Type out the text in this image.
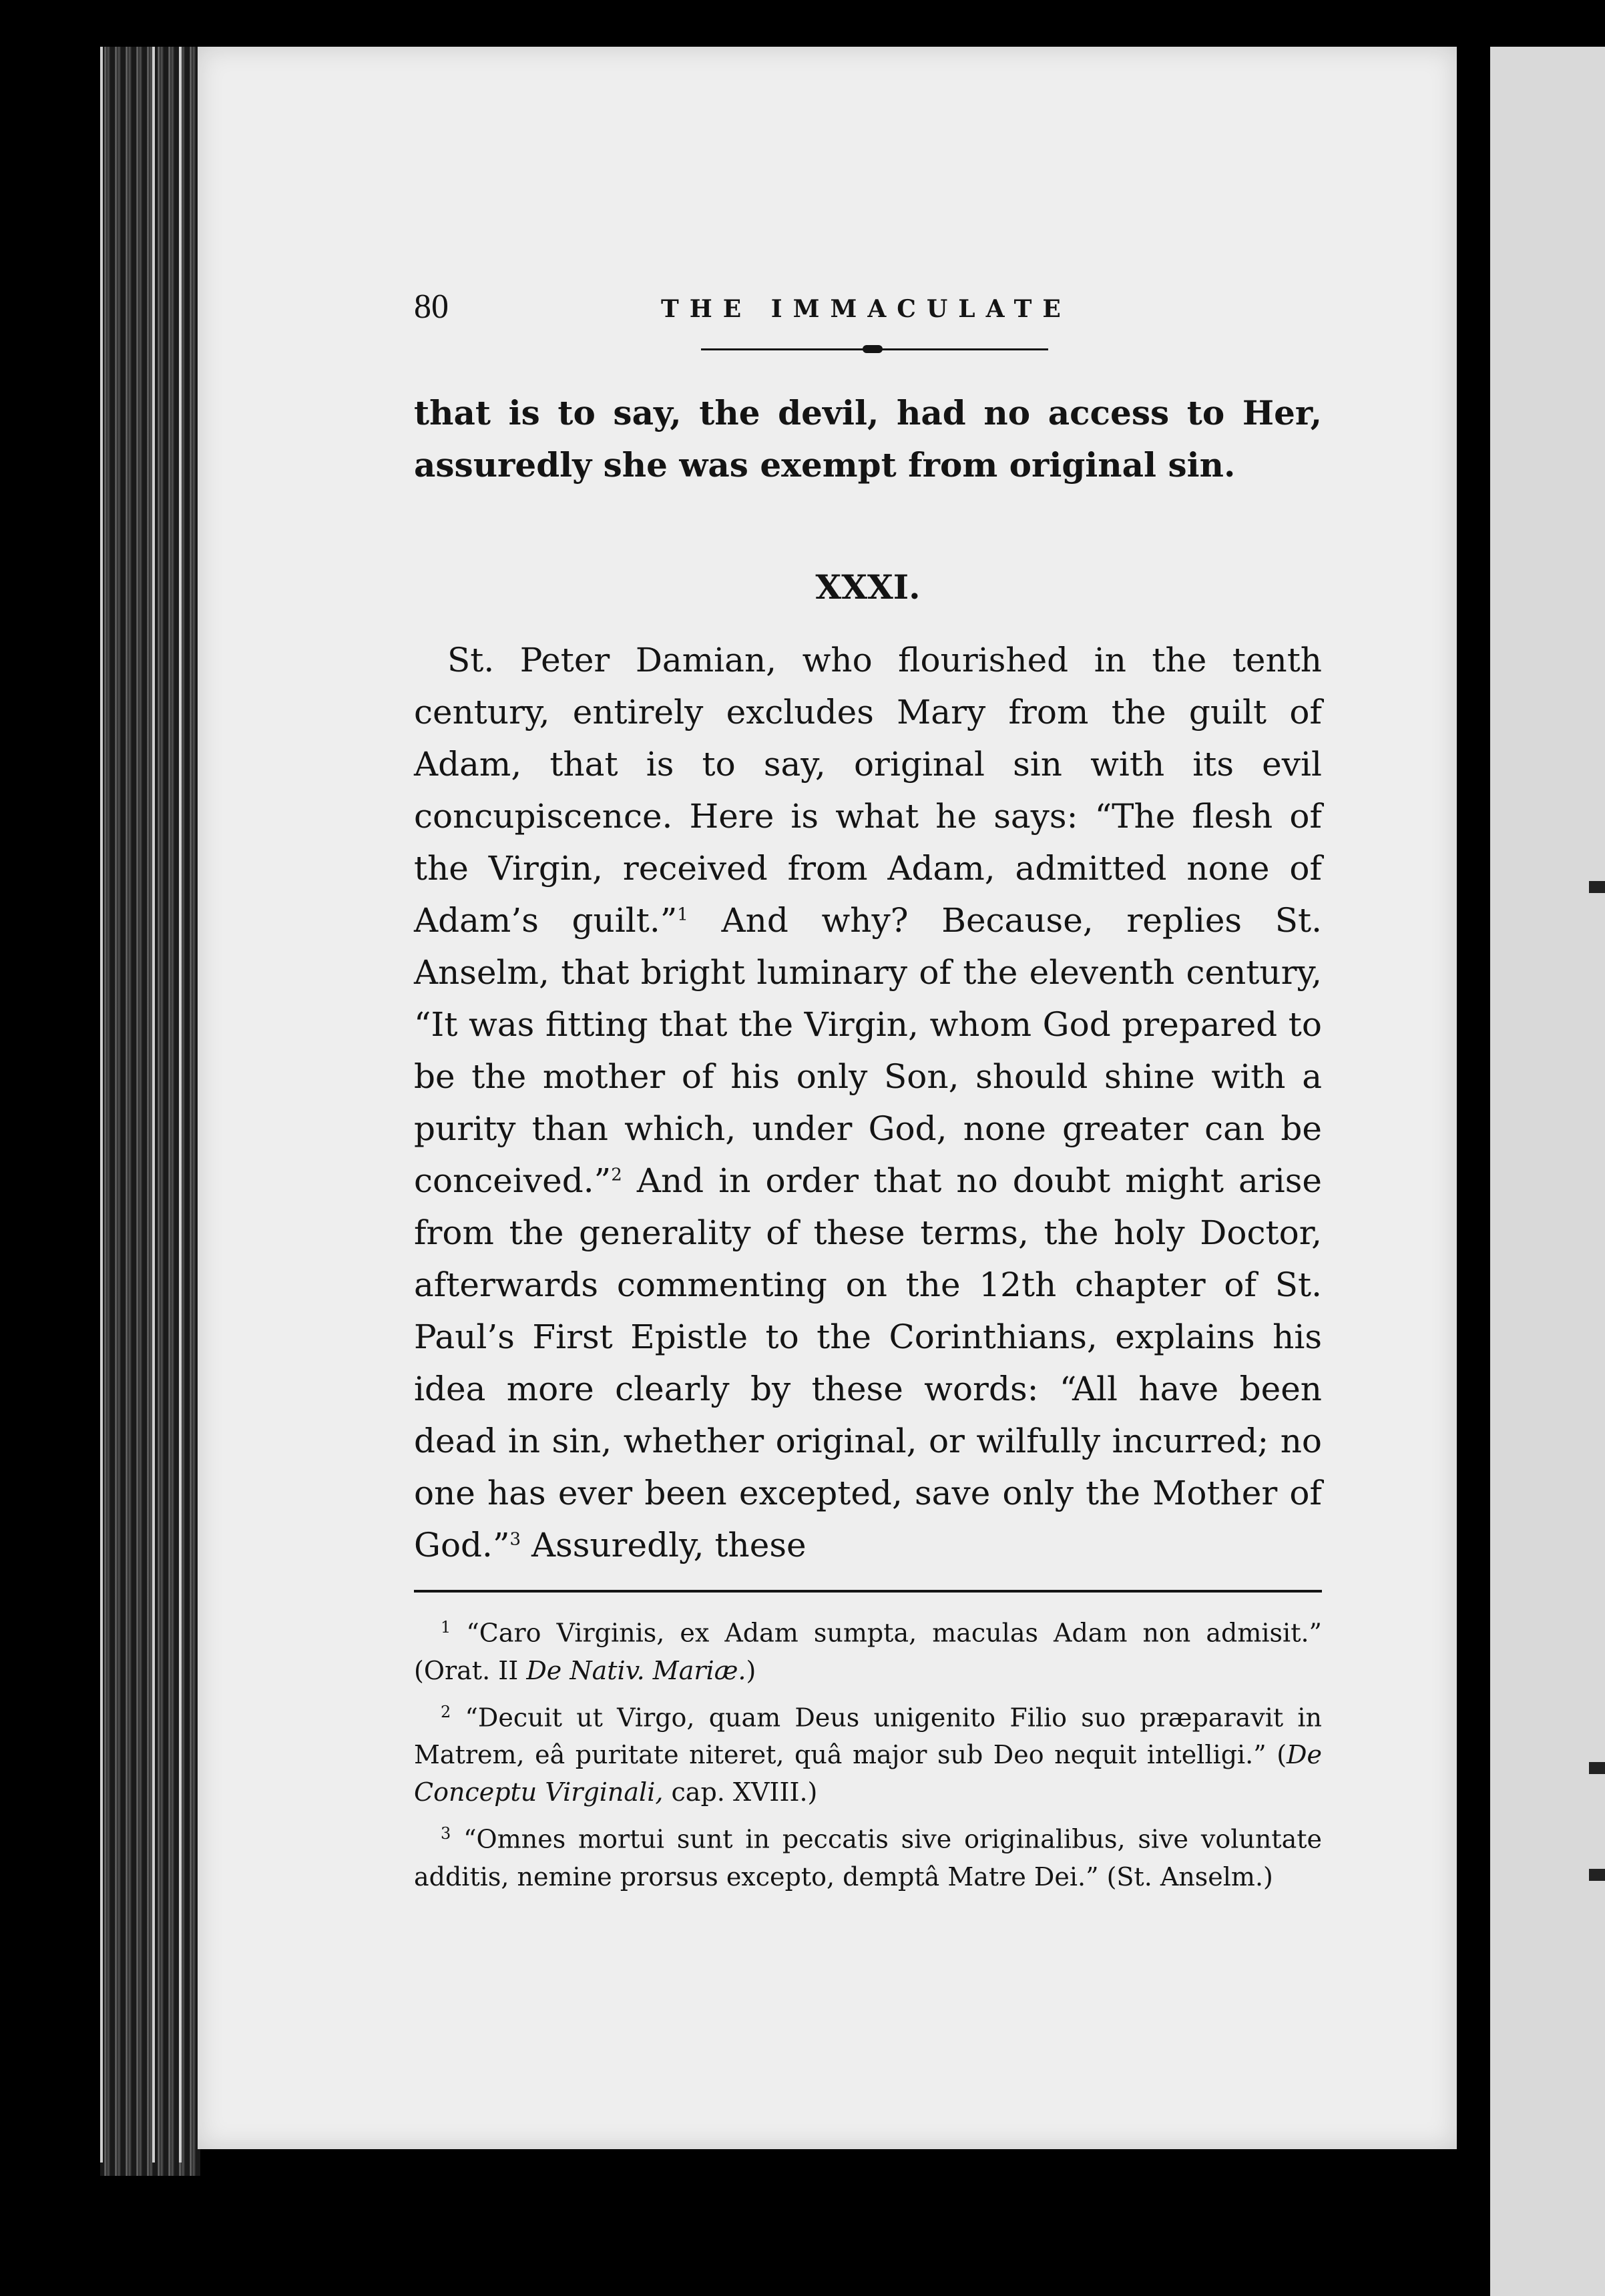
80	THE IMMACULATE

that is to say, the devil, had no access to Her, assuredly she was exempt from original sin.

XXXI.

St. Peter Damian, who flourished in the tenth century, entirely excludes Mary from the guilt of Adam, that is to say, original sin with its evil concupiscence. Here is what he says: “The flesh of the Virgin, received from Adam, admitted none of Adam’s guilt.”$^1$ And why? Because, replies St. Anselm, that bright luminary of the eleventh century, “It was fitting that the Virgin, whom God prepared to be the mother of his only Son, should shine with a purity than which, under God, none greater can be conceived.”$^2$ And in order that no doubt might arise from the generality of these terms, the holy Doctor, afterwards commenting on the 12th chapter of St. Paul’s First Epistle to the Corinthians, explains his idea more clearly by these words: “All have been dead in sin, whether original, or wilfully incurred; no one has ever been excepted, save only the Mother of God.”$^3$ Assuredly, these

$^1$ “Caro Virginis, ex Adam sumpta, maculas Adam non admisit.” (Orat. II De Nativ. Mariæ.)

$^2$ “Decuit ut Virgo, quam Deus unigenito Filio suo præparavit in Matrem, eâ puritate niteret, quâ major sub Deo nequit intelligi.” (De Conceptu Virginali, cap. XVIII.)

$^3$ “Omnes mortui sunt in peccatis sive originalibus, sive voluntate additis, nemine prorsus excepto, demptâ Matre Dei.” (St. Anselm.)
